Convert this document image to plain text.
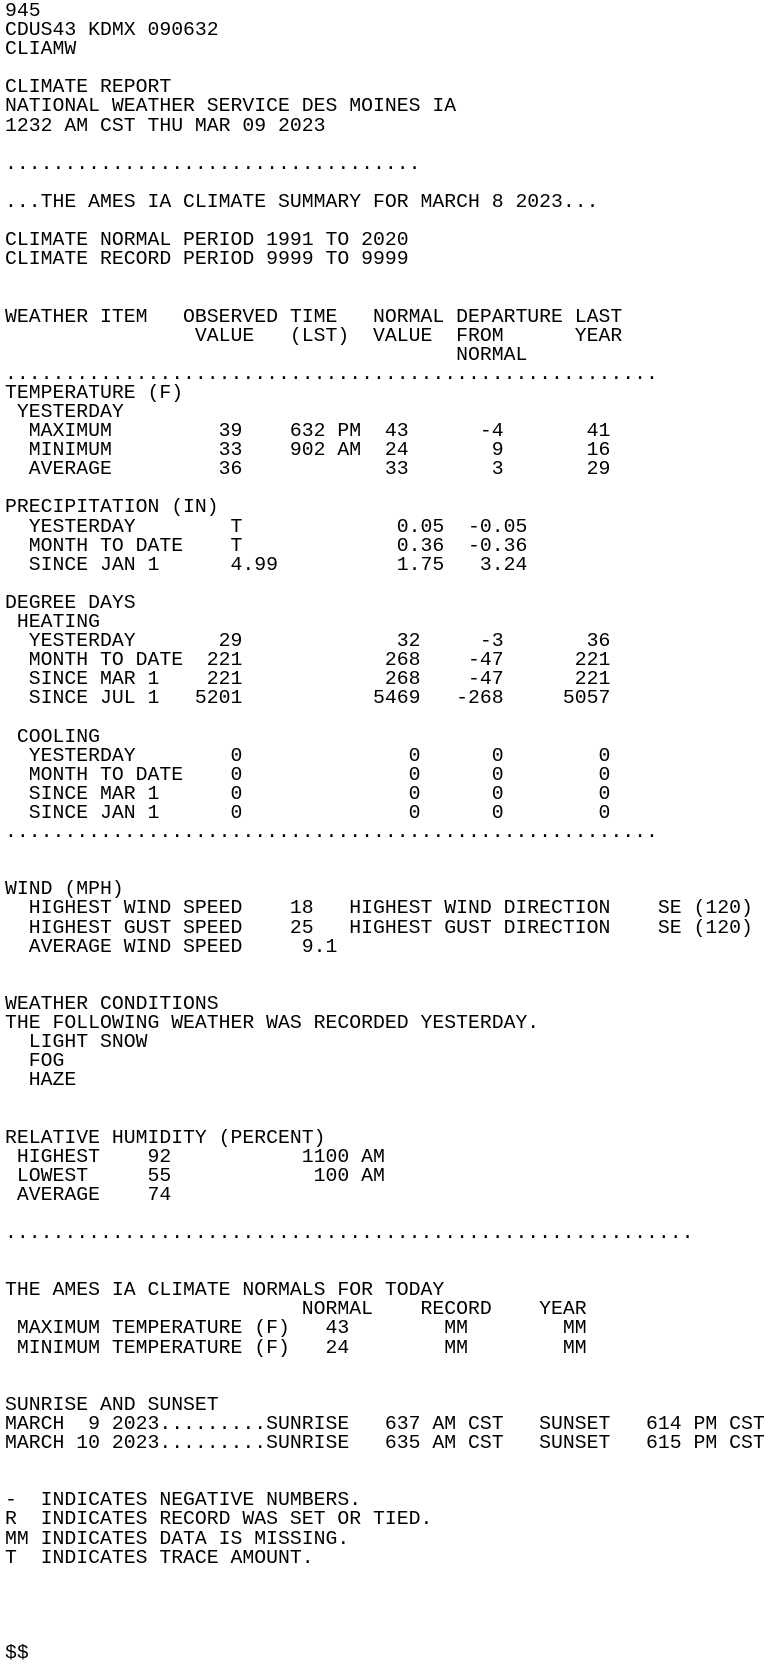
945
CDUS43 KDMX 090632
CLIAMW
CLIMATE REPORT
NATIONAL WEATHER SERVICE DES MOINES IA
1232 AM CST THU MAR 09 2023
...................................
...THE AMES IA CLIMATE SUMMARY FOR MARCH 8 2023...
CLIMATE NORMAL PERIOD 1991 TO 2020
CLIMATE RECORD PERIOD 9999 TO 9999
WEATHER ITEM   OBSERVED TIME   NORMAL DEPARTURE LAST
VALUE   (LST)  VALUE  FROM      YEAR
NORMAL
.......................................................
TEMPERATURE (F)
YESTERDAY
MAXIMUM         39    632 PM  43      -4       41
MINIMUM         33    902 AM  24       9       16
AVERAGE         36            33       3       29
PRECIPITATION (IN)
YESTERDAY        T             0.05  -0.05
MONTH TO DATE    T             0.36  -0.36
SINCE JAN 1      4.99          1.75   3.24
DEGREE DAYS
HEATING
YESTERDAY       29             32     -3       36
MONTH TO DATE  221            268    -47      221
SINCE MAR 1    221            268    -47      221
SINCE JUL 1   5201           5469   -268     5057
COOLING
YESTERDAY        0              0      0        0
MONTH TO DATE    0              0      0        0
SINCE MAR 1      0              0      0        0
SINCE JAN 1      0              0      0        0
.......................................................
WIND (MPH)
HIGHEST WIND SPEED    18   HIGHEST WIND DIRECTION    SE (120)
HIGHEST GUST SPEED    25   HIGHEST GUST DIRECTION    SE (120)
AVERAGE WIND SPEED     9.1
WEATHER CONDITIONS
THE FOLLOWING WEATHER WAS RECORDED YESTERDAY.
LIGHT SNOW
FOG
HAZE
RELATIVE HUMIDITY (PERCENT)
HIGHEST    92           1100 AM
LOWEST     55            100 AM
AVERAGE    74
..........................................................
THE AMES IA CLIMATE NORMALS FOR TODAY
NORMAL    RECORD    YEAR
MAXIMUM TEMPERATURE (F)   43        MM        MM
MINIMUM TEMPERATURE (F)   24        MM        MM
SUNRISE AND SUNSET
MARCH  9 2023.........SUNRISE   637 AM CST   SUNSET   614 PM CST
MARCH 10 2023.........SUNRISE   635 AM CST   SUNSET   615 PM CST
-  INDICATES NEGATIVE NUMBERS.
R  INDICATES RECORD WAS SET OR TIED.
MM INDICATES DATA IS MISSING.
T  INDICATES TRACE AMOUNT.
$$
